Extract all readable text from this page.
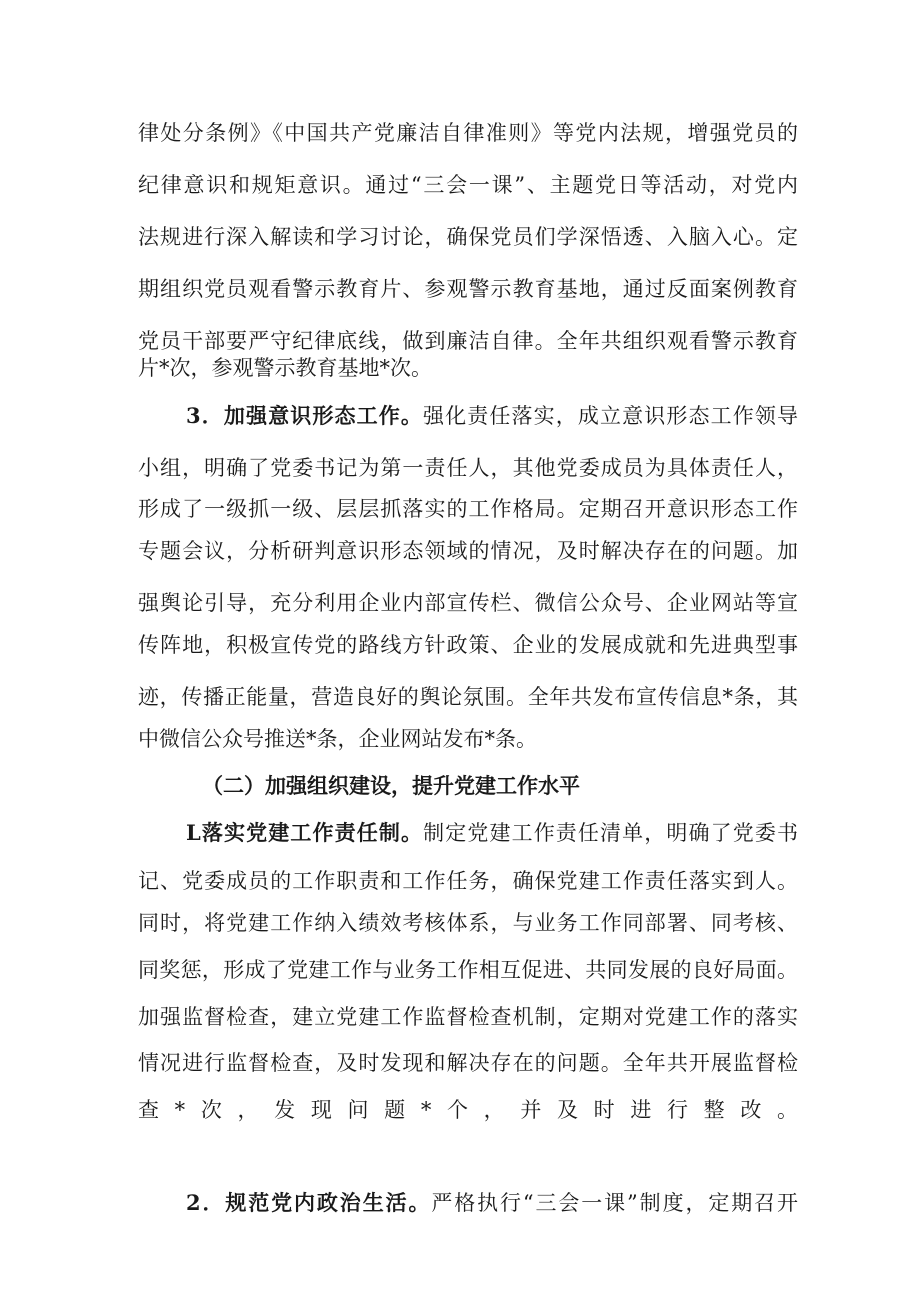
律处分条例》《中国共产党廉洁自律准则》等党内法规，增强党员的
纪律意识和规矩意识。通过“三会一课”、主题党日等活动，对党内
法规进行深入解读和学习讨论，确保党员们学深悟透、入脑入心。定
期组织党员观看警示教育片、参观警示教育基地，通过反面案例教育
党员干部要严守纪律底线，做到廉洁自律。全年共组织观看警示教育
片*次，参观警示教育基地*次。
3．加强意识形态工作。强化责任落实，成立意识形态工作领导
小组，明确了党委书记为第一责任人，其他党委成员为具体责任人，
形成了一级抓一级、层层抓落实的工作格局。定期召开意识形态工作
专题会议，分析研判意识形态领域的情况，及时解决存在的问题。加
强舆论引导，充分利用企业内部宣传栏、微信公众号、企业网站等宣
传阵地，积极宣传党的路线方针政策、企业的发展成就和先进典型事
迹，传播正能量，营造良好的舆论氛围。全年共发布宣传信息*条，其
中微信公众号推送*条，企业网站发布*条。
（二）加强组织建设，提升党建工作水平
L落实党建工作责任制。制定党建工作责任清单，明确了党委书
记、党委成员的工作职责和工作任务，确保党建工作责任落实到人。
同时，将党建工作纳入绩效考核体系，与业务工作同部署、同考核、
同奖惩，形成了党建工作与业务工作相互促进、共同发展的良好局面。
加强监督检查，建立党建工作监督检查机制，定期对党建工作的落实
情况进行监督检查，及时发现和解决存在的问题。全年共开展监督检
查*次，发现问题*个，并及时进行整改。
2．规范党内政治生活。严格执行“三会一课”制度，定期召开
